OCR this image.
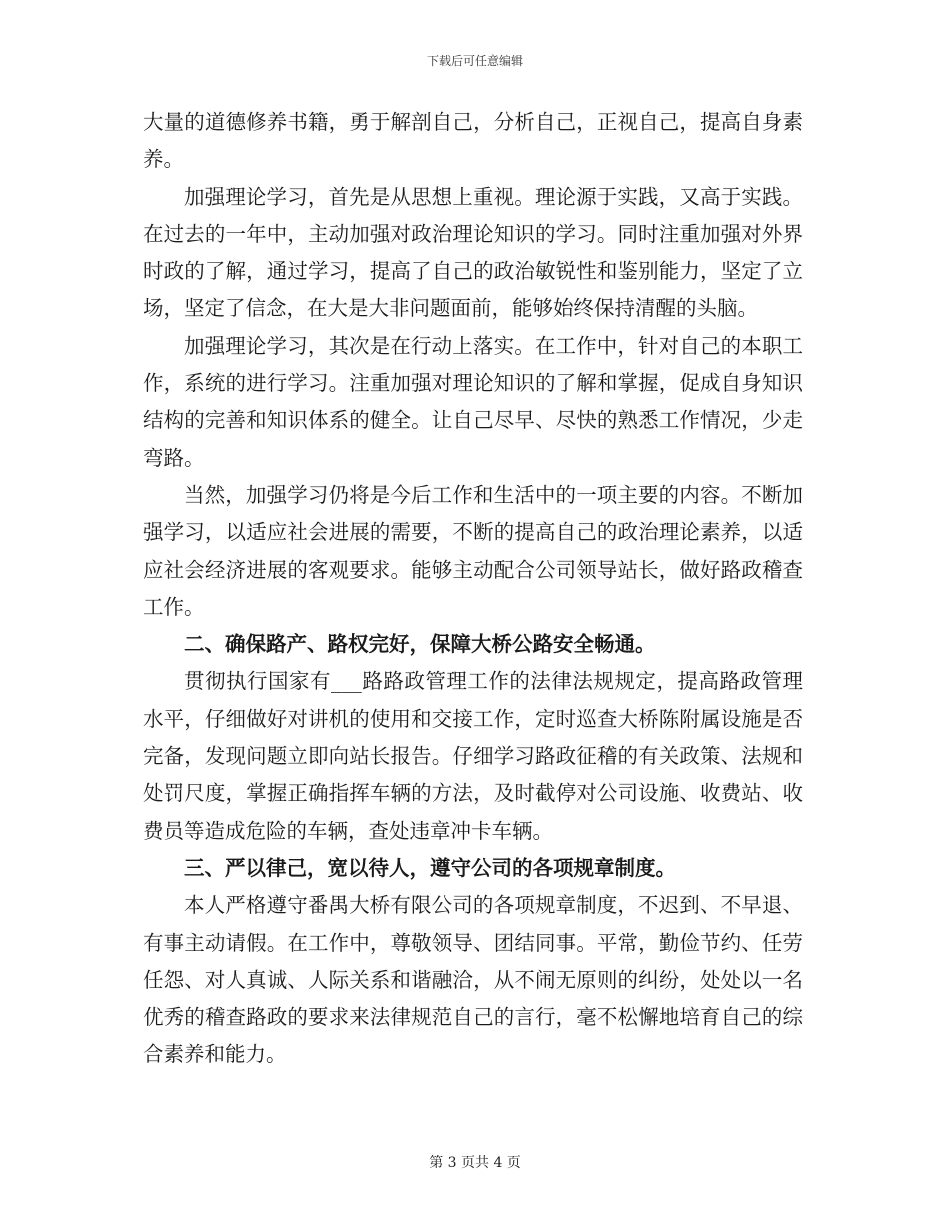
下载后可任意编辑

大量的道德修养书籍，勇于解剖自己，分析自己，正视自己，提高自身素养。

加强理论学习，首先是从思想上重视。理论源于实践，又高于实践。在过去的一年中，主动加强对政治理论知识的学习。同时注重加强对外界时政的了解，通过学习，提高了自己的政治敏锐性和鉴别能力，坚定了立场，坚定了信念，在大是大非问题面前，能够始终保持清醒的头脑。

加强理论学习，其次是在行动上落实。在工作中，针对自己的本职工作，系统的进行学习。注重加强对理论知识的了解和掌握，促成自身知识结构的完善和知识体系的健全。让自己尽早、尽快的熟悉工作情况，少走弯路。

当然，加强学习仍将是今后工作和生活中的一项主要的内容。不断加强学习，以适应社会进展的需要，不断的提高自己的政治理论素养，以适应社会经济进展的客观要求。能够主动配合公司领导站长，做好路政稽查工作。

二、确保路产、路权完好，保障大桥公路安全畅通。

贯彻执行国家有___路路政管理工作的法律法规规定，提高路政管理水平，仔细做好对讲机的使用和交接工作，定时巡查大桥陈附属设施是否完备，发现问题立即向站长报告。仔细学习路政征稽的有关政策、法规和处罚尺度，掌握正确指挥车辆的方法，及时截停对公司设施、收费站、收费员等造成危险的车辆，查处违章冲卡车辆。

三、严以律己，宽以待人，遵守公司的各项规章制度。

本人严格遵守番禺大桥有限公司的各项规章制度，不迟到、不早退、有事主动请假。在工作中，尊敬领导、团结同事。平常，勤俭节约、任劳任怨、对人真诚、人际关系和谐融洽，从不闹无原则的纠纷，处处以一名优秀的稽查路政的要求来法律规范自己的言行，毫不松懈地培育自己的综合素养和能力。

第 3 页共 4 页
